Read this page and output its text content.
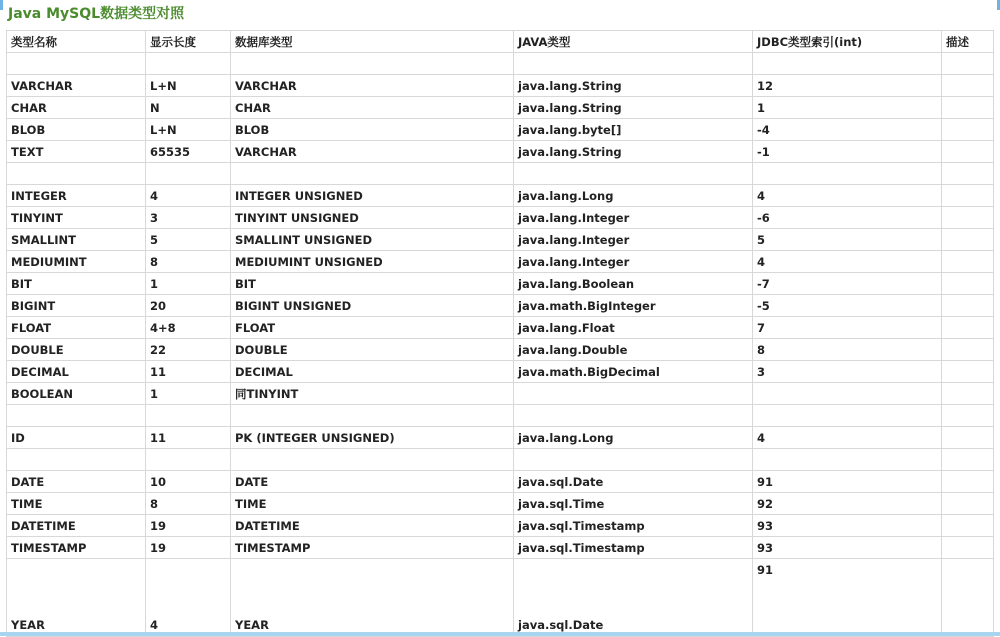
Java MySQL数据类型对照
类型名称	显示长度	数据库类型	JAVA类型	JDBC类型索引(int)	描述

VARCHAR	L+N	VARCHAR	java.lang.String	12	
CHAR	N	CHAR	java.lang.String	1	
BLOB	L+N	BLOB	java.lang.byte[]	-4	
TEXT	65535	VARCHAR	java.lang.String	-1	

INTEGER	4	INTEGER UNSIGNED	java.lang.Long	4	
TINYINT	3	TINYINT UNSIGNED	java.lang.Integer	-6	
SMALLINT	5	SMALLINT UNSIGNED	java.lang.Integer	5	
MEDIUMINT	8	MEDIUMINT UNSIGNED	java.lang.Integer	4	
BIT	1	BIT	java.lang.Boolean	-7	
BIGINT	20	BIGINT UNSIGNED	java.math.BigInteger	-5	
FLOAT	4+8	FLOAT	java.lang.Float	7	
DOUBLE	22	DOUBLE	java.lang.Double	8	
DECIMAL	11	DECIMAL	java.math.BigDecimal	3	
BOOLEAN	1	同TINYINT			

ID	11	PK (INTEGER UNSIGNED)	java.lang.Long	4	

DATE	10	DATE	java.sql.Date	91	
TIME	8	TIME	java.sql.Time	92	
DATETIME	19	DATETIME	java.sql.Timestamp	93	
TIMESTAMP	19	TIMESTAMP	java.sql.Timestamp	93	
YEAR	4	YEAR	java.sql.Date	91	
